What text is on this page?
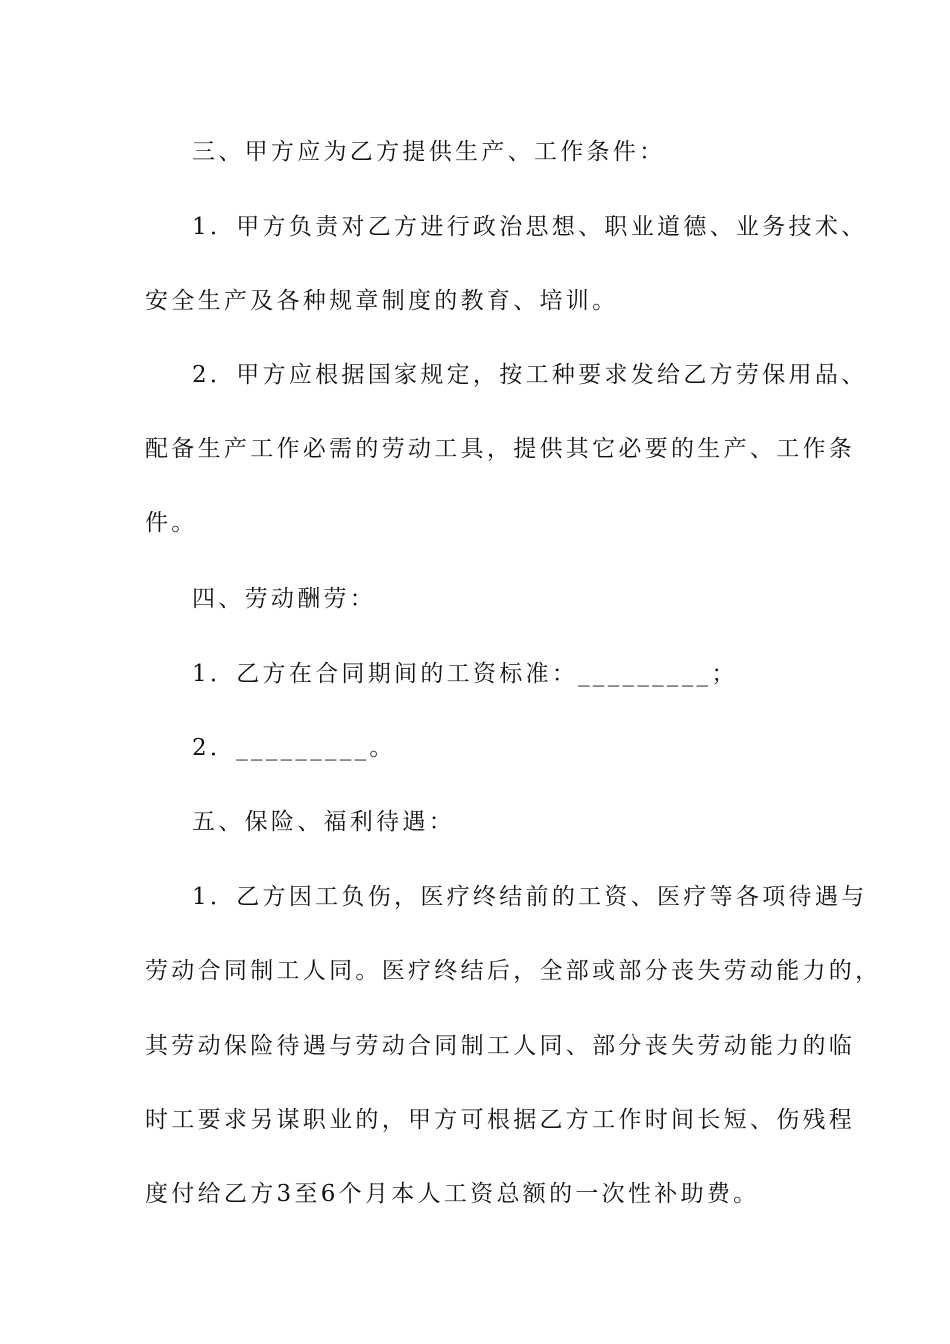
三、甲方应为乙方提供生产、工作条件：
1．甲方负责对乙方进行政治思想、职业道德、业务技术、
安全生产及各种规章制度的教育、培训。
2．甲方应根据国家规定，按工种要求发给乙方劳保用品、
配备生产工作必需的劳动工具，提供其它必要的生产、工作条
件。
四、劳动酬劳：
1．乙方在合同期间的工资标准：_________；
2．_________。
五、保险、福利待遇：
1．乙方因工负伤，医疗终结前的工资、医疗等各项待遇与
劳动合同制工人同。医疗终结后，全部或部分丧失劳动能力的，
其劳动保险待遇与劳动合同制工人同、部分丧失劳动能力的临
时工要求另谋职业的，甲方可根据乙方工作时间长短、伤残程
度付给乙方3至6个月本人工资总额的一次性补助费。
